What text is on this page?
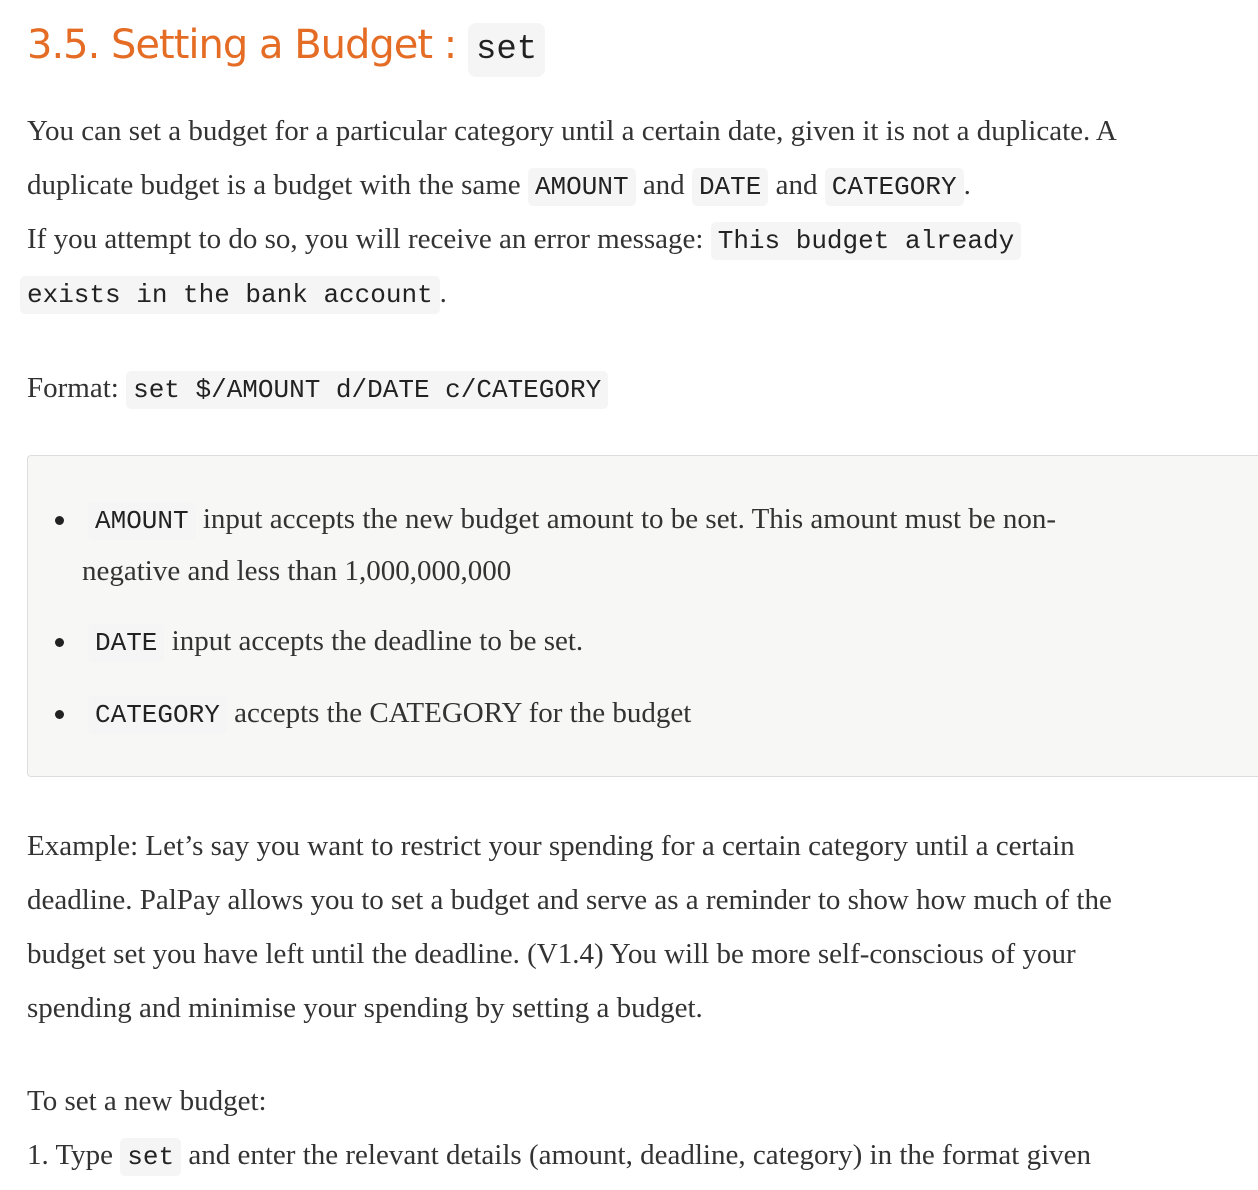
3.5. Setting a Budget : set
You can set a budget for a particular category until a certain date, given it is not a duplicate. A
duplicate budget is a budget with the same AMOUNT and DATE and CATEGORY .
If you attempt to do so, you will receive an error message: This budget already
exists in the bank account .
Format: set $/AMOUNT d/DATE c/CATEGORY
AMOUNT input accepts the new budget amount to be set. This amount must be non-
negative and less than 1,000,000,000
DATE input accepts the deadline to be set.
CATEGORY accepts the CATEGORY for the budget
Example: Let’s say you want to restrict your spending for a certain category until a certain
deadline. PalPay allows you to set a budget and serve as a reminder to show how much of the
budget set you have left until the deadline. (V1.4) You will be more self-conscious of your
spending and minimise your spending by setting a budget.
To set a new budget:
1. Type set and enter the relevant details (amount, deadline, category) in the format given
